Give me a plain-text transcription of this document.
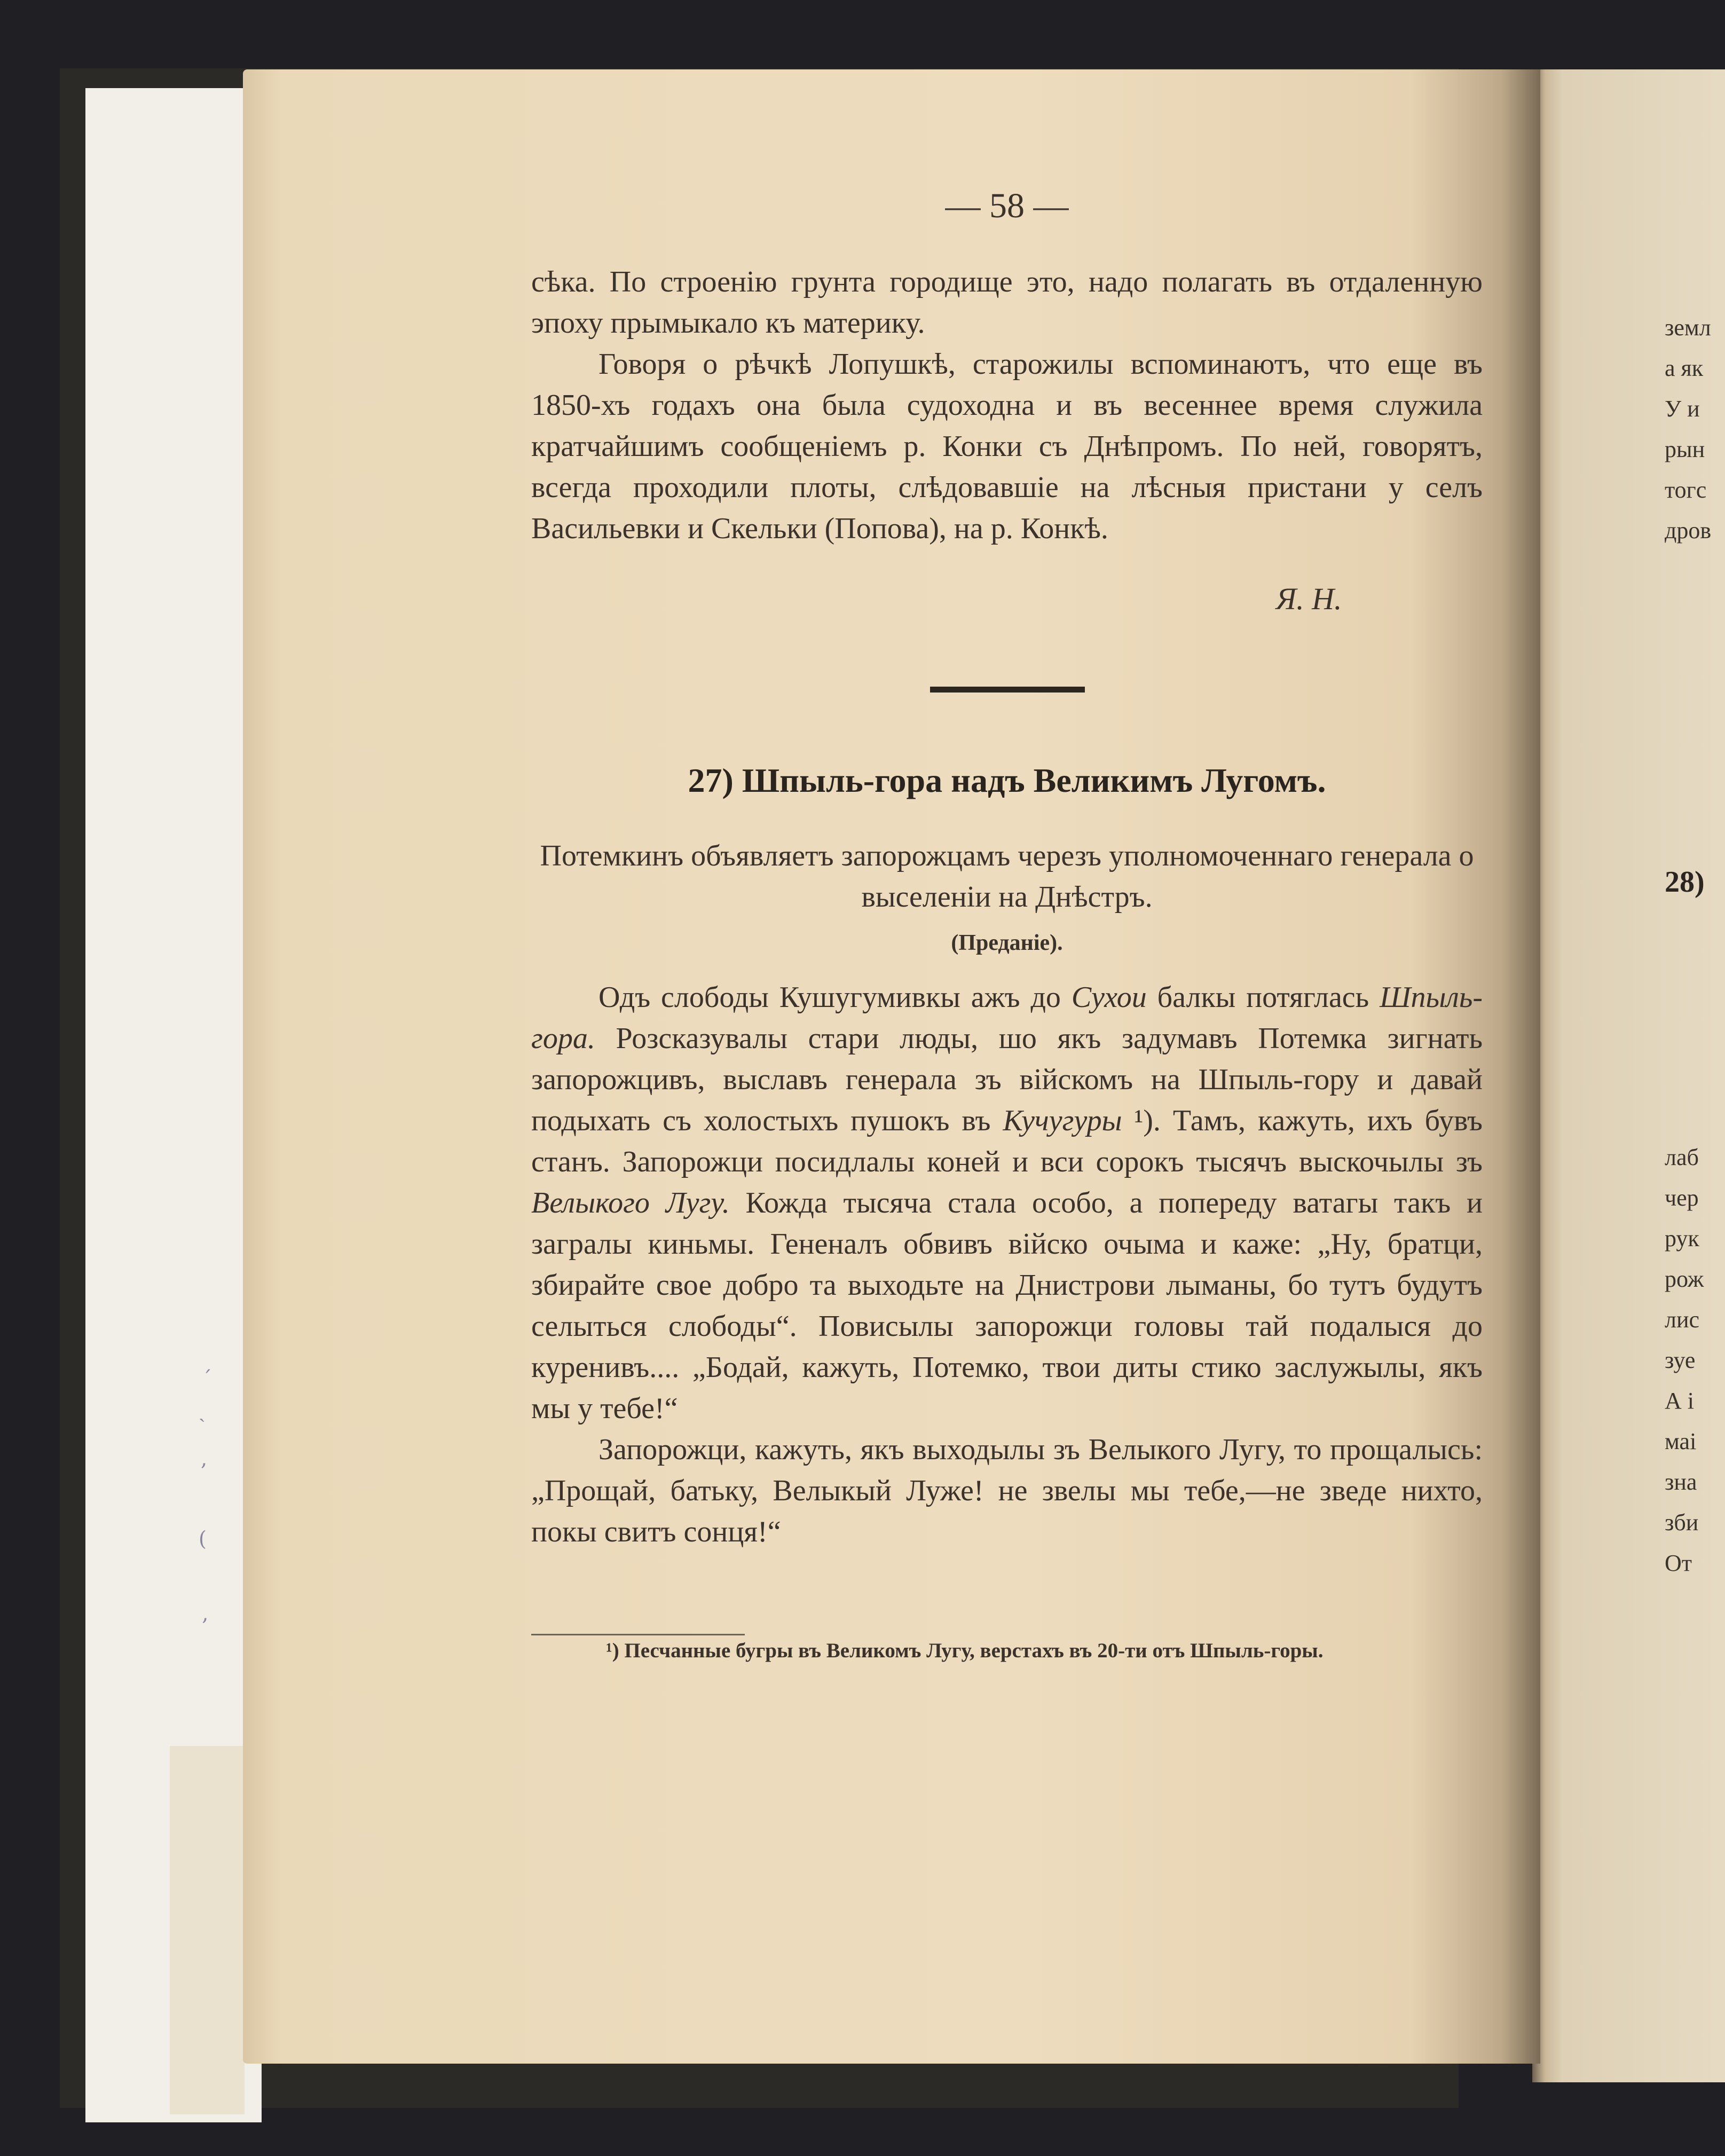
ˊ
ˎ
,
(
‚
земл
а як
У и
рын
тогс
дров
28)
лаб
чер
рук
рож
лис
зуе
А і
маі
зна
зби
От
— 58 —

сѣка. По строенію грунта городище это, надо полагать въ отдаленную эпоху прымыкало къ материку.

Говоря о рѣчкѣ Лопушкѣ, старожилы вспоминаютъ, что еще въ 1850-хъ годахъ она была судоходна и въ весеннее время служила кратчайшимъ сообщеніемъ р. Конки съ Днѣпромъ. По ней, говорятъ, всегда проходили плоты, слѣдовавшіе на лѣсныя пристани у селъ Васильевки и Скельки (Попова), на р. Конкѣ.

Я. Н.
27) Шпыль-гора надъ Великимъ Лугомъ.
Потемкинъ объявляетъ запорожцамъ черезъ уполномоченнаго генерала о выселеніи на Днѣстръ.
(Преданіе).

Одъ слободы Кушугумивкы ажъ до Сухои балкы потяглась Шпыль-гора. Розсказувалы стари люды, шо якъ задумавъ Потемка зигнать запорожцивъ, выславъ генерала зъ війскомъ на Шпыль-гору и давай подыхать съ холостыхъ пушокъ въ Кучугуры ¹). Тамъ, кажуть, ихъ бувъ станъ. Запорожци посидлалы коней и вси сорокъ тысячъ выскочылы зъ Велыкого Лугу. Кожда тысяча стала особо, а попереду ватагы такъ и загралы киньмы. Гененалъ обвивъ війско очыма и каже: „Ну, братци, збирайте свое добро та выходьте на Днистрови лыманы, бо тутъ будутъ селыться слободы“. Повисылы запорожци головы тай подалыся до куренивъ.... „Бодай, кажуть, Потемко, твои диты стико заслужылы, якъ мы у тебе!“

Запорожци, кажуть, якъ выходылы зъ Велыкого Лугу, то прощалысь: „Прощай, батьку, Велыкый Луже! не звелы мы тебе,—не зведе нихто, покы свитъ сонця!“

¹) Песчанные бугры въ Великомъ Лугу, верстахъ въ 20-ти отъ Шпыль-горы.
